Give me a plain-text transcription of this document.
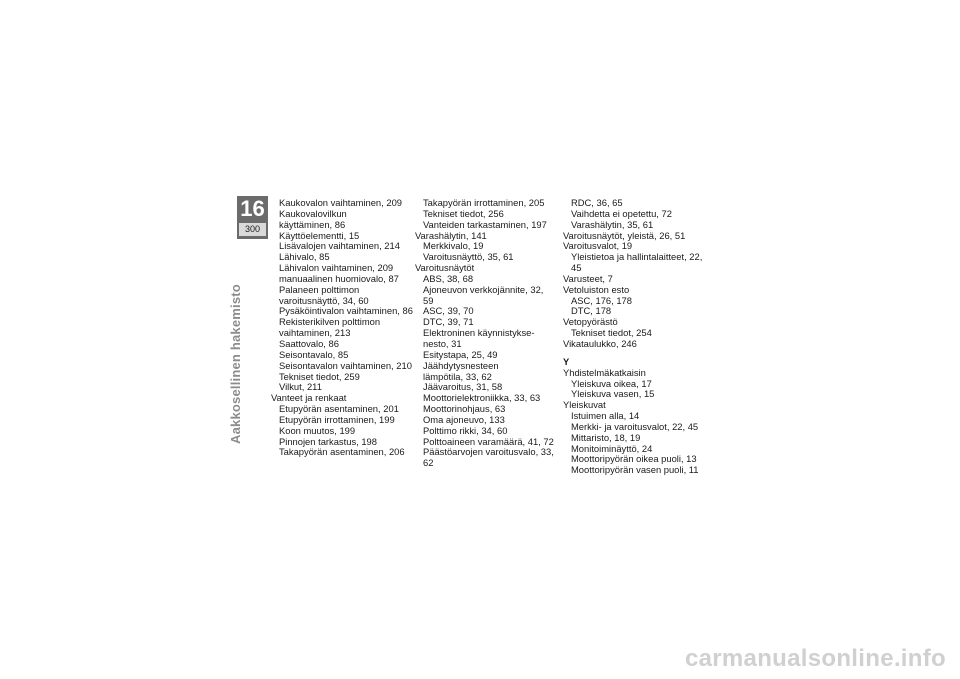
16
300
Aakkosellinen hakemisto
Kaukovalon vaihtaminen, 209
Kaukovalovilkun
käyttäminen, 86
Käyttöelementti, 15
Lisävalojen vaihtaminen, 214
Lähivalo, 85
Lähivalon vaihtaminen, 209
manuaalinen huomiovalo, 87
Palaneen polttimon
varoitusnäyttö, 34, 60
Pysäköintivalon vaihtaminen, 86
Rekisterikilven polttimon
vaihtaminen, 213
Saattovalo, 86
Seisontavalo, 85
Seisontavalon vaihtaminen, 210
Tekniset tiedot, 259
Vilkut, 211
Vanteet ja renkaat
Etupyörän asentaminen, 201
Etupyörän irrottaminen, 199
Koon muutos, 199
Pinnojen tarkastus, 198
Takapyörän asentaminen, 206
Takapyörän irrottaminen, 205
Tekniset tiedot, 256
Vanteiden tarkastaminen, 197
Varashälytin, 141
Merkkivalo, 19
Varoitusnäyttö, 35, 61
Varoitusnäytöt
ABS, 38, 68
Ajoneuvon verkkojännite, 32,
59
ASC, 39, 70
DTC, 39, 71
Elektroninen käynnistykse-
nesto, 31
Esitystapa, 25, 49
Jäähdytysnesteen
lämpötila, 33, 62
Jäävaroitus, 31, 58
Moottorielektroniikka, 33, 63
Moottorinohjaus, 63
Oma ajoneuvo, 133
Polttimo rikki, 34, 60
Polttoaineen varamäärä, 41, 72
Päästöarvojen varoitusvalo, 33,
62
RDC, 36, 65
Vaihdetta ei opetettu, 72
Varashälytin, 35, 61
Varoitusnäytöt, yleistä, 26, 51
Varoitusvalot, 19
Yleistietoa ja hallintalaitteet, 22,
45
Varusteet, 7
Vetoluiston esto
ASC, 176, 178
DTC, 178
Vetopyörästö
Tekniset tiedot, 254
Vikataulukko, 246
Y
Yhdistelmäkatkaisin
Yleiskuva oikea, 17
Yleiskuva vasen, 15
Yleiskuvat
Istuimen alla, 14
Merkki- ja varoitusvalot, 22, 45
Mittaristo, 18, 19
Monitoiminäyttö, 24
Moottoripyörän oikea puoli, 13
Moottoripyörän vasen puoli, 11
carmanualsonline.info
